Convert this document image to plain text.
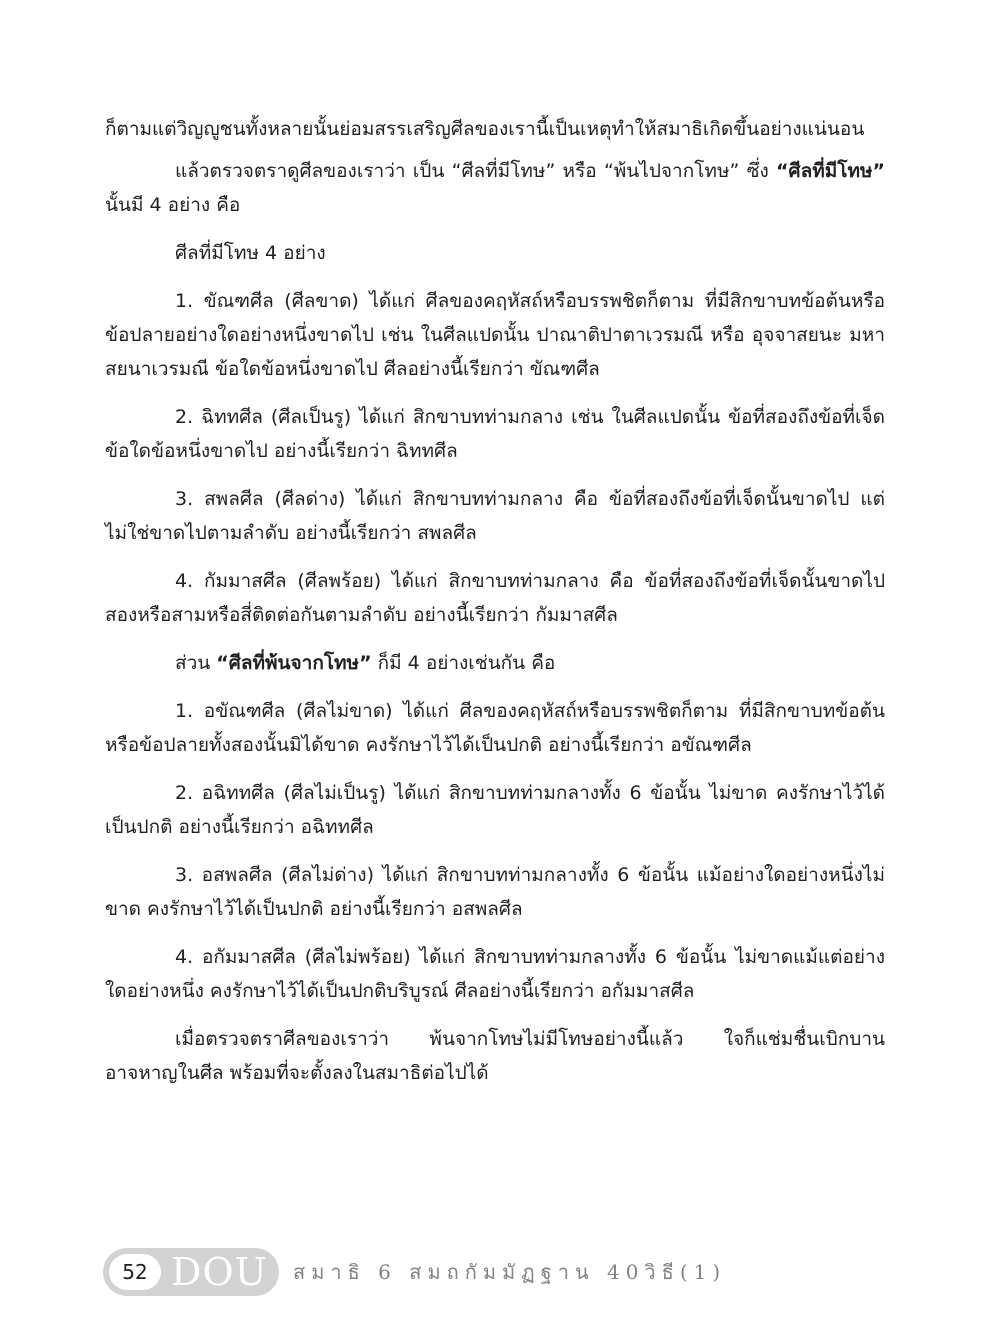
ก็ตามแต่วิญญูชนทั้งหลายนั้นย่อมสรรเสริญศีลของเรานี้เป็นเหตุทำให้สมาธิเกิดขึ้นอย่างแน่นอน

แล้วตรวจตราดูศีลของเราว่า เป็น “ศีลที่มีโทษ” หรือ “พ้นไปจากโทษ” ซึ่ง “ศีลที่มีโทษ” นั้นมี 4 อย่าง คือ

ศีลที่มีโทษ 4 อย่าง

1. ขัณฑศีล (ศีลขาด) ได้แก่ ศีลของคฤหัสถ์หรือบรรพชิตก็ตาม ที่มีสิกขาบทข้อต้นหรือข้อปลายอย่างใดอย่างหนึ่งขาดไป เช่น ในศีลแปดนั้น ปาณาติปาตาเวรมณี หรือ อุจจาสยนะ มหาสยนาเวรมณี ข้อใดข้อหนึ่งขาดไป ศีลอย่างนี้เรียกว่า ขัณฑศีล

2. ฉิททศีล (ศีลเป็นรู) ได้แก่ สิกขาบทท่ามกลาง เช่น ในศีลแปดนั้น ข้อที่สองถึงข้อที่เจ็ด ข้อใดข้อหนึ่งขาดไป อย่างนี้เรียกว่า ฉิททศีล

3. สพลศีล (ศีลด่าง) ได้แก่ สิกขาบทท่ามกลาง คือ ข้อที่สองถึงข้อที่เจ็ดนั้นขาดไป แต่ไม่ใช่ขาดไปตามลำดับ อย่างนี้เรียกว่า สพลศีล

4. กัมมาสศีล (ศีลพร้อย) ได้แก่ สิกขาบทท่ามกลาง คือ ข้อที่สองถึงข้อที่เจ็ดนั้นขาดไป สองหรือสามหรือสี่ติดต่อกันตามลำดับ อย่างนี้เรียกว่า กัมมาสศีล

ส่วน “ศีลที่พ้นจากโทษ” ก็มี 4 อย่างเช่นกัน คือ

1. อขัณฑศีล (ศีลไม่ขาด) ได้แก่ ศีลของคฤหัสถ์หรือบรรพชิตก็ตาม ที่มีสิกขาบทข้อต้นหรือข้อปลายทั้งสองนั้นมิได้ขาด คงรักษาไว้ได้เป็นปกติ อย่างนี้เรียกว่า อขัณฑศีล

2. อฉิททศีล (ศีลไม่เป็นรู) ได้แก่ สิกขาบทท่ามกลางทั้ง 6 ข้อนั้น ไม่ขาด คงรักษาไว้ได้เป็นปกติ อย่างนี้เรียกว่า อฉิททศีล

3. อสพลศีล (ศีลไม่ด่าง) ได้แก่ สิกขาบทท่ามกลางทั้ง 6 ข้อนั้น แม้อย่างใดอย่างหนึ่งไม่ขาด คงรักษาไว้ได้เป็นปกติ อย่างนี้เรียกว่า อสพลศีล

4. อกัมมาสศีล (ศีลไม่พร้อย) ได้แก่ สิกขาบทท่ามกลางทั้ง 6 ข้อนั้น ไม่ขาดแม้แต่อย่างใดอย่างหนึ่ง คงรักษาไว้ได้เป็นปกติบริบูรณ์ ศีลอย่างนี้เรียกว่า อกัมมาสศีล

เมื่อตรวจตราศีลของเราว่า พ้นจากโทษไม่มีโทษอย่างนี้แล้ว ใจก็แช่มชื่นเบิกบานอาจหาญในศีล พร้อมที่จะตั้งลงในสมาธิต่อไปได้

52 DOU สมาธิ 6 สมถกัมมัฏฐาน 40วิธี(1)
